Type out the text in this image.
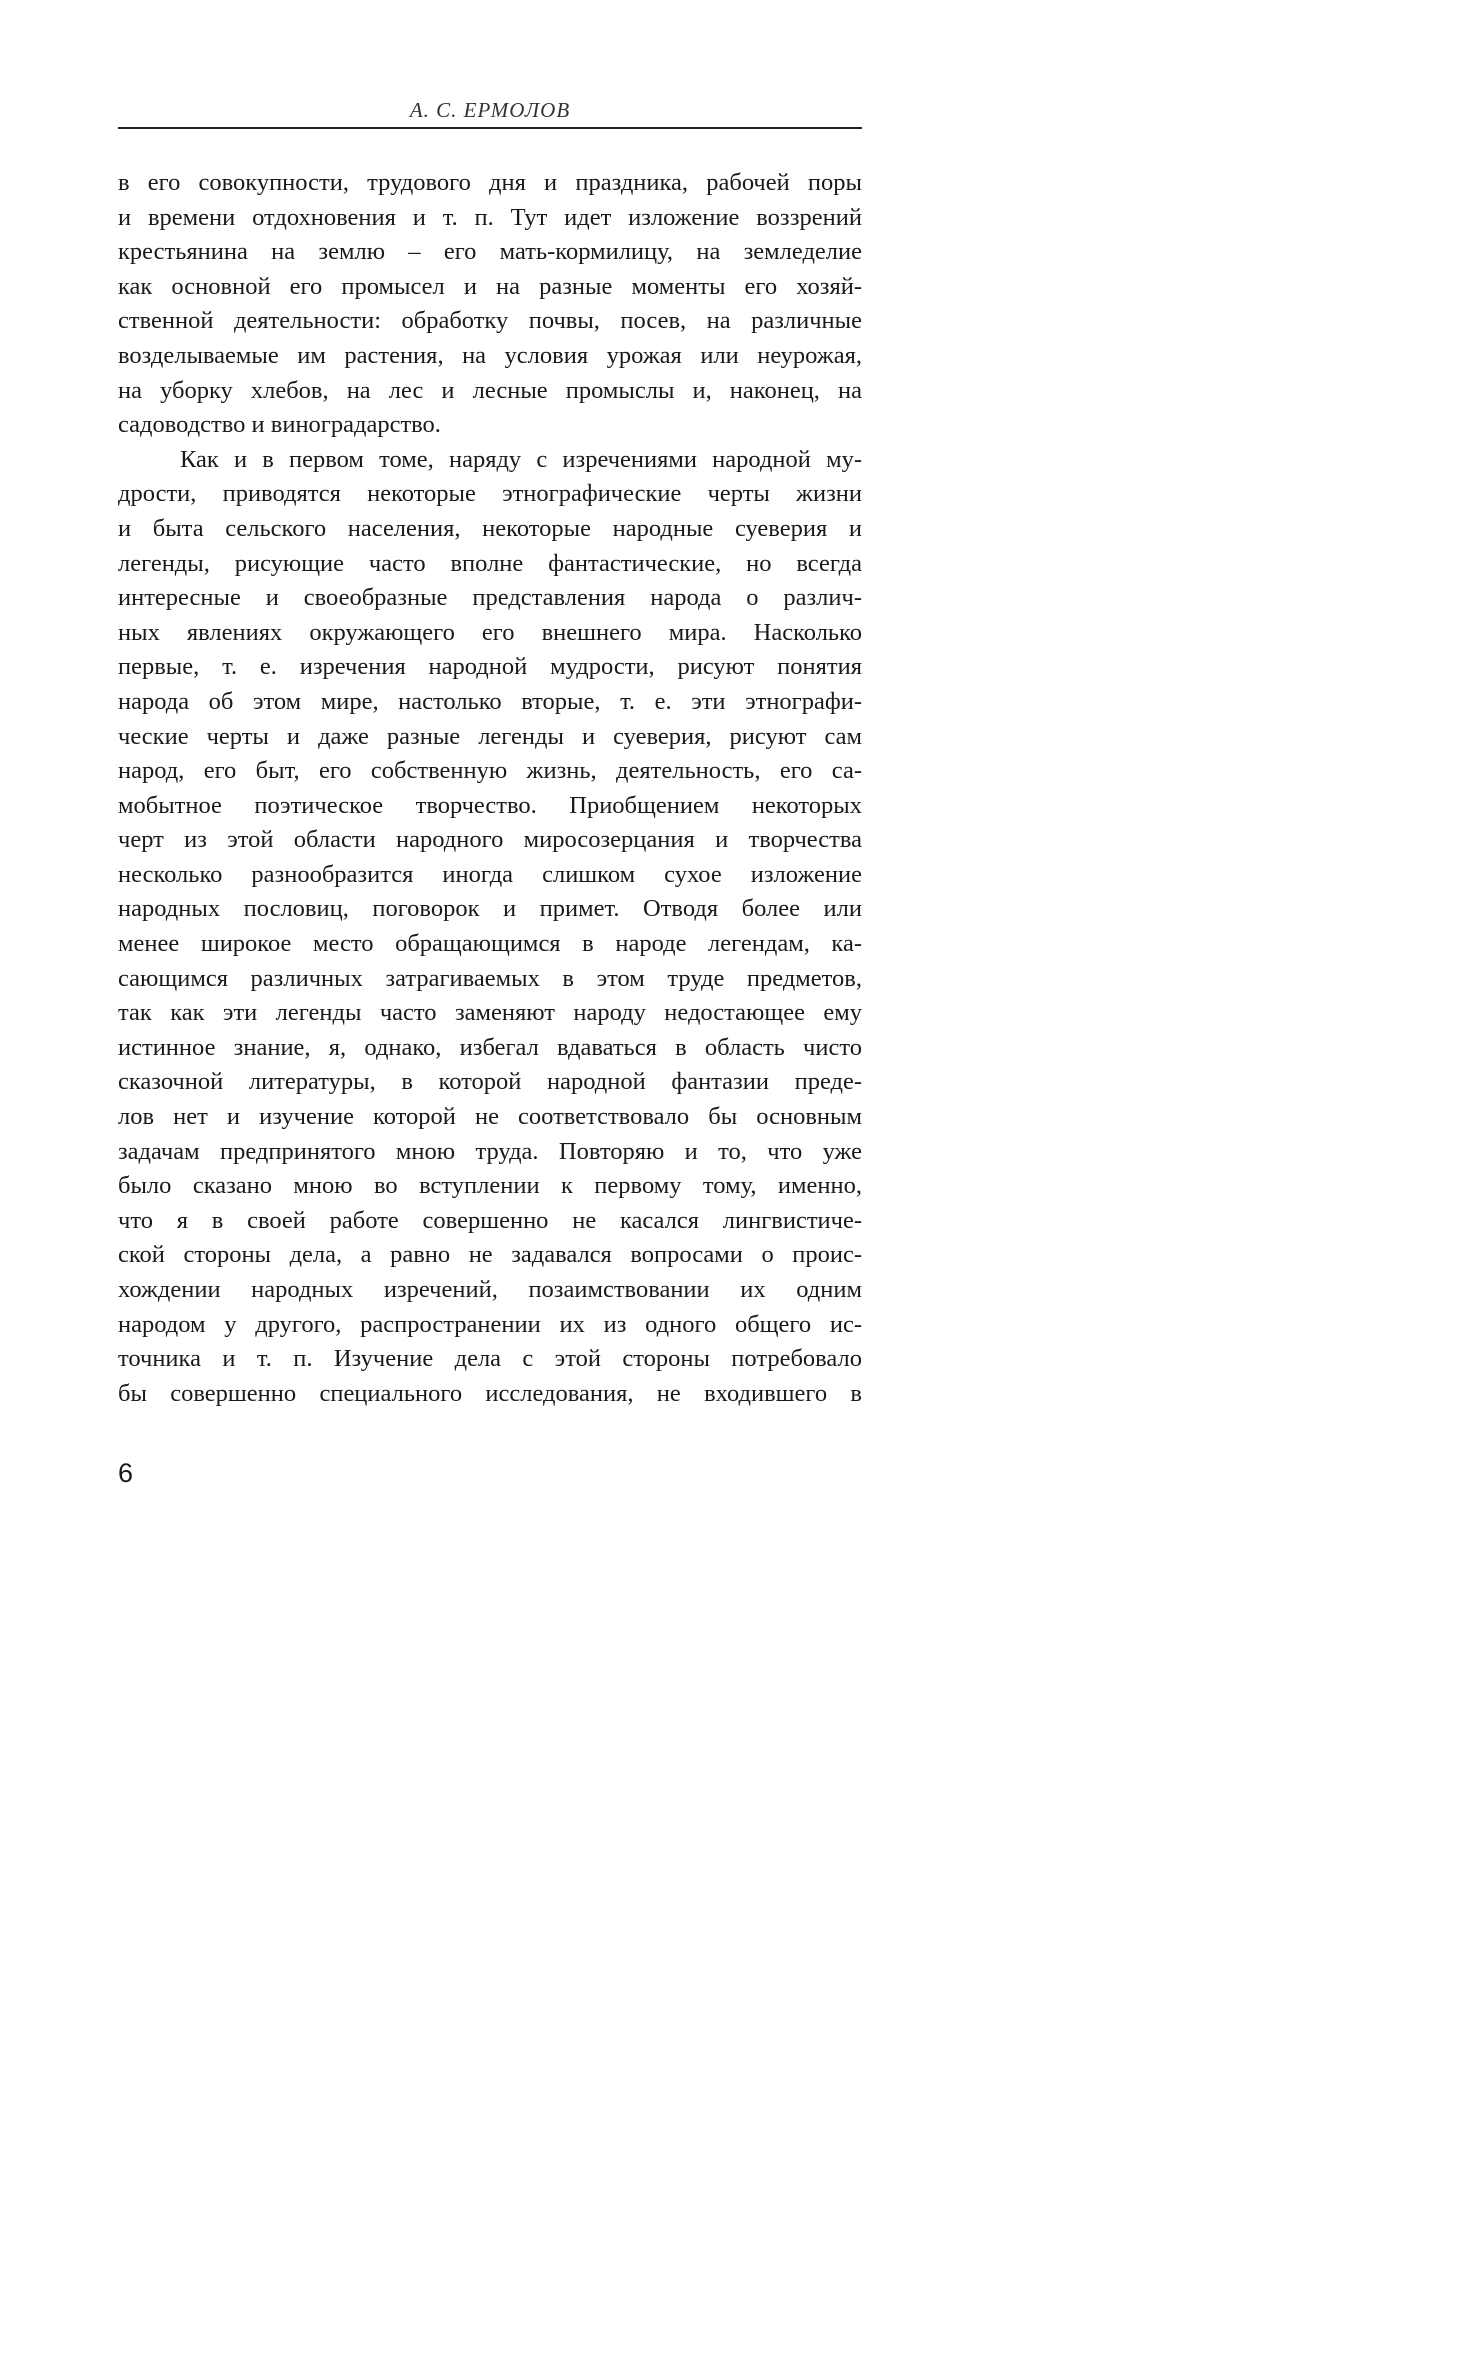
А. С. ЕРМОЛОВ
в его совокупности, трудового дня и праздника, рабочей поры
и времени отдохновения и т. п. Тут идет изложение воззрений
крестьянина на землю – его мать-кормилицу, на земледелие
как основной его промысел и на разные моменты его хозяй-
ственной деятельности: обработку почвы, посев, на различные
возделываемые им растения, на условия урожая или неурожая,
на уборку хлебов, на лес и лесные промыслы и, наконец, на
садоводство и виноградарство.
Как и в первом томе, наряду с изречениями народной му-
дрости, приводятся некоторые этнографические черты жизни
и быта сельского населения, некоторые народные суеверия и
легенды, рисующие часто вполне фантастические, но всегда
интересные и своеобразные представления народа о различ-
ных явлениях окружающего его внешнего мира. Насколько
первые, т. е. изречения народной мудрости, рисуют понятия
народа об этом мире, настолько вторые, т. е. эти этнографи-
ческие черты и даже разные легенды и суеверия, рисуют сам
народ, его быт, его собственную жизнь, деятельность, его са-
мобытное поэтическое творчество. Приобщением некоторых
черт из этой области народного миросозерцания и творчества
несколько разнообразится иногда слишком сухое изложение
народных пословиц, поговорок и примет. Отводя более или
менее широкое место обращающимся в народе легендам, ка-
сающимся различных затрагиваемых в этом труде предметов,
так как эти легенды часто заменяют народу недостающее ему
истинное знание, я, однако, избегал вдаваться в область чисто
сказочной литературы, в которой народной фантазии преде-
лов нет и изучение которой не соответствовало бы основным
задачам предпринятого мною труда. Повторяю и то, что уже
было сказано мною во вступлении к первому тому, именно,
что я в своей работе совершенно не касался лингвистиче-
ской стороны дела, а равно не задавался вопросами о проис-
хождении народных изречений, позаимствовании их одним
народом у другого, распространении их из одного общего ис-
точника и т. п. Изучение дела с этой стороны потребовало
бы совершенно специального исследования, не входившего в
6
